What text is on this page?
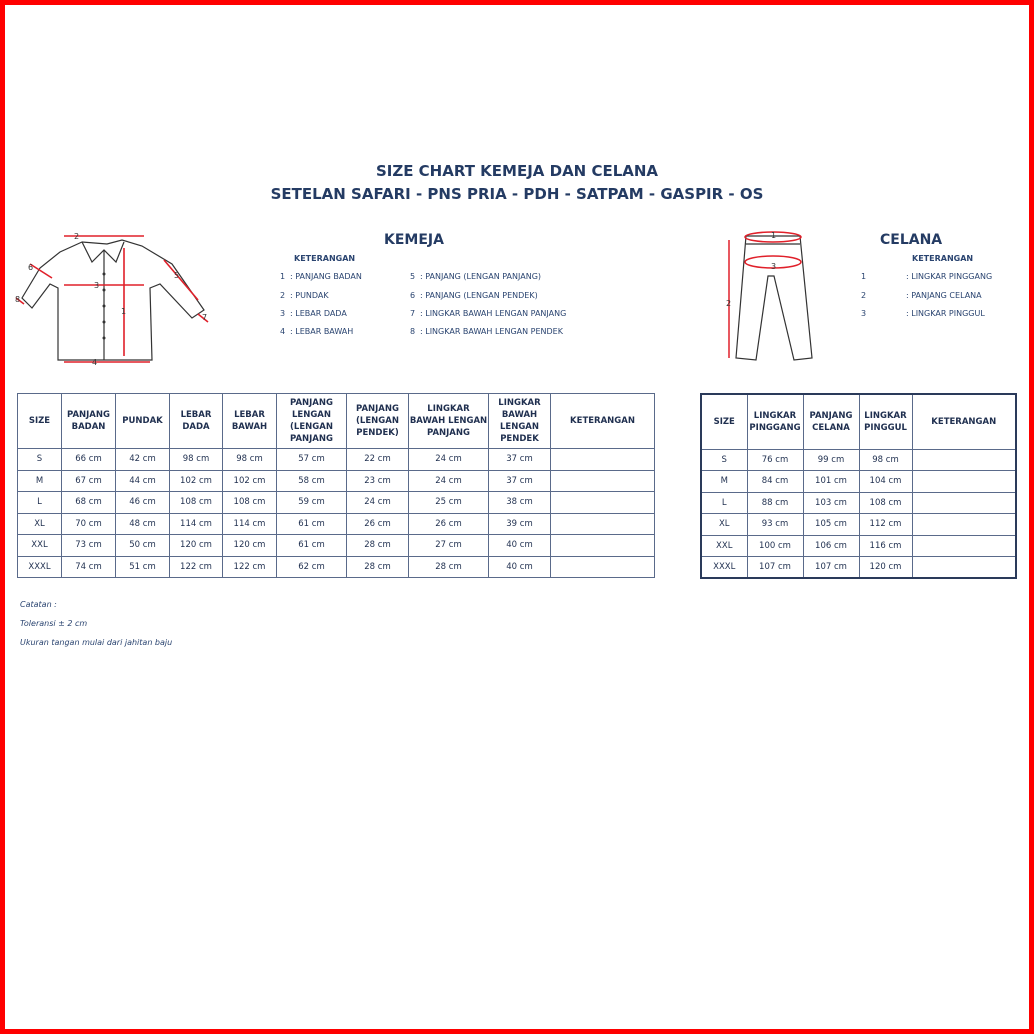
SIZE CHART KEMEJA DAN CELANA
SETELAN SAFARI - PNS PRIA - PDH - SATPAM - GASPIR - OS
1
2
3
4
5
6
7
8
KEMEJA
KETERANGAN
1 : PANJANG BADAN
2 : PUNDAK
3 : LEBAR DADA
4 : LEBAR BAWAH
5 : PANJANG (LENGAN PANJANG)
6 : PANJANG (LENGAN PENDEK)
7 : LINGKAR BAWAH LENGAN PANJANG
8 : LINGKAR BAWAH LENGAN PENDEK
1
2
3
CELANA
KETERANGAN
1	: LINGKAR PINGGANG
2	: PANJANG CELANA
3	: LINGKAR PINGGUL
SIZE	PANJANG BADAN	PUNDAK	LEBAR DADA	LEBAR BAWAH	PANJANG LENGAN (LENGAN PANJANG	PANJANG (LENGAN PENDEK)	LINGKAR BAWAH LENGAN PANJANG	LINGKAR BAWAH LENGAN PENDEK	KETERANGAN
S	66 cm	42 cm	98 cm	98 cm	57 cm	22 cm	24 cm	37 cm	
M	67 cm	44 cm	102 cm	102 cm	58 cm	23 cm	24 cm	37 cm	
L	68 cm	46 cm	108 cm	108 cm	59 cm	24 cm	25 cm	38 cm	
XL	70 cm	48 cm	114 cm	114 cm	61 cm	26 cm	26 cm	39 cm	
XXL	73 cm	50 cm	120 cm	120 cm	61 cm	28 cm	27 cm	40 cm	
XXXL	74 cm	51 cm	122 cm	122 cm	62 cm	28 cm	28 cm	40 cm	
SIZE	LINGKAR PINGGANG	PANJANG CELANA	LINGKAR PINGGUL	KETERANGAN
S	76 cm	99 cm	98 cm	
M	84 cm	101 cm	104 cm	
L	88 cm	103 cm	108 cm	
XL	93 cm	105 cm	112 cm	
XXL	100 cm	106 cm	116 cm	
XXXL	107 cm	107 cm	120 cm	
Catatan :
Toleransi ± 2 cm
Ukuran tangan mulai dari jahitan baju
